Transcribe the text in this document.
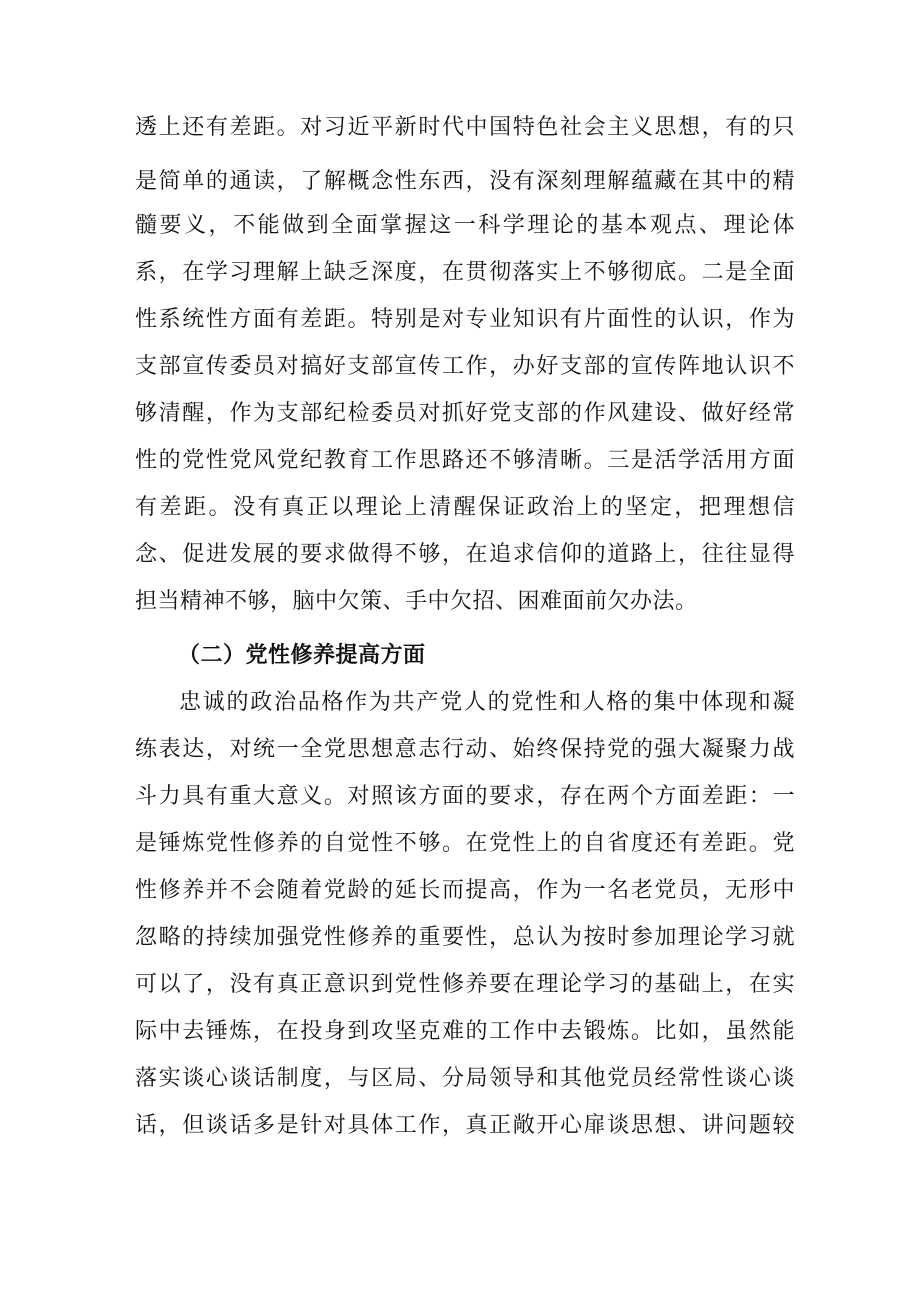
透上还有差距。对习近平新时代中国特色社会主义思想，有的只
是简单的通读，了解概念性东西，没有深刻理解蕴藏在其中的精
髓要义，不能做到全面掌握这一科学理论的基本观点、理论体
系，在学习理解上缺乏深度，在贯彻落实上不够彻底。二是全面
性系统性方面有差距。特别是对专业知识有片面性的认识，作为
支部宣传委员对搞好支部宣传工作，办好支部的宣传阵地认识不
够清醒，作为支部纪检委员对抓好党支部的作风建设、做好经常
性的党性党风党纪教育工作思路还不够清晰。三是活学活用方面
有差距。没有真正以理论上清醒保证政治上的坚定，把理想信
念、促进发展的要求做得不够，在追求信仰的道路上，往往显得
担当精神不够，脑中欠策、手中欠招、困难面前欠办法。
（二）党性修养提高方面
忠诚的政治品格作为共产党人的党性和人格的集中体现和凝
练表达，对统一全党思想意志行动、始终保持党的强大凝聚力战
斗力具有重大意义。对照该方面的要求，存在两个方面差距：一
是锤炼党性修养的自觉性不够。在党性上的自省度还有差距。党
性修养并不会随着党龄的延长而提高，作为一名老党员，无形中
忽略的持续加强党性修养的重要性，总认为按时参加理论学习就
可以了，没有真正意识到党性修养要在理论学习的基础上，在实
际中去锤炼，在投身到攻坚克难的工作中去锻炼。比如，虽然能
落实谈心谈话制度，与区局、分局领导和其他党员经常性谈心谈
话，但谈话多是针对具体工作，真正敞开心扉谈思想、讲问题较
